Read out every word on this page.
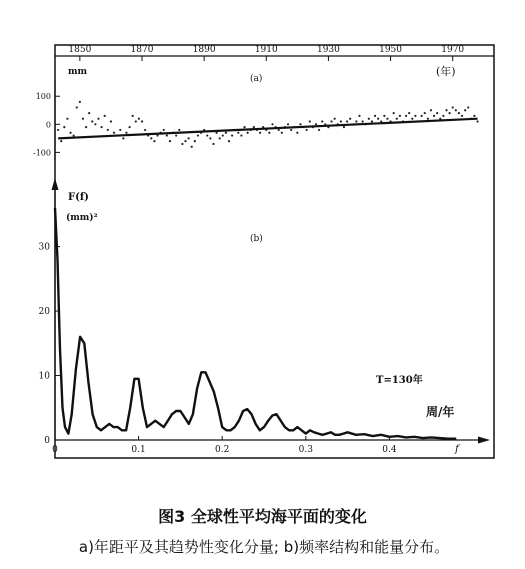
1850	1870	1890	1910	1930	1950	1970
mm
(a)
(年)
100
0
-100
F(f)
(mm)²
(b)
T=130年
周/年
f
0	0.1	0.2	0.3	0.4
0
10
20
30
图3 全球性平均海平面的变化
a)年距平及其趋势性变化分量; b)频率结构和能量分布。
